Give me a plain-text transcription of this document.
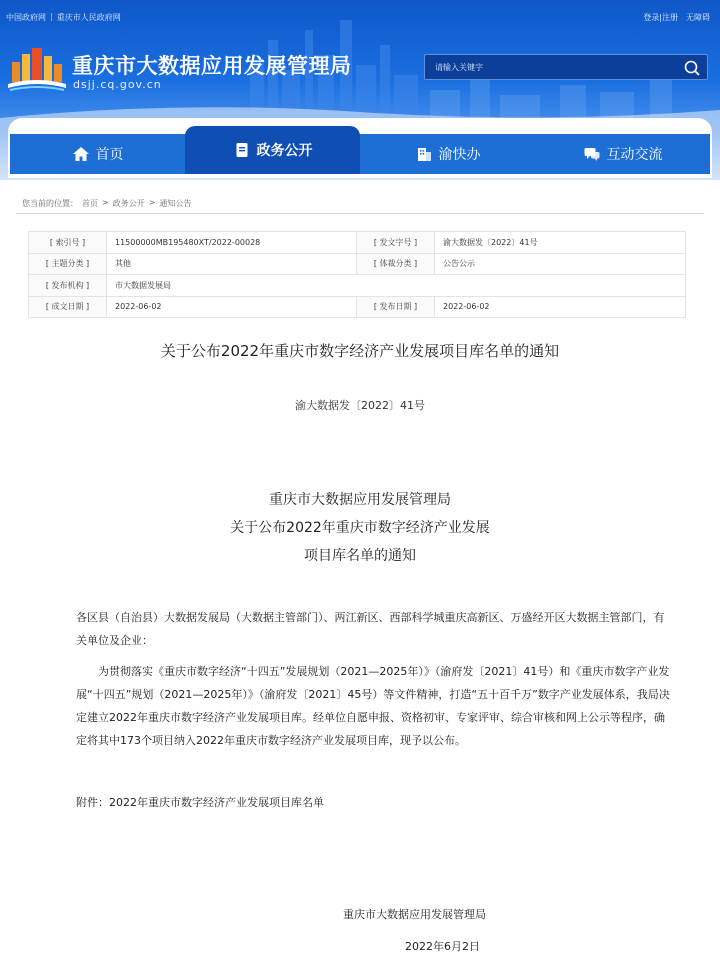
中国政府网 | 重庆市人民政府网	登录|注册 无障碍
重庆市大数据应用发展管理局
dsjj.cq.gov.cn
请输入关键字
首页	政务公开	渝快办	互动交流
您当前的位置： 首页 > 政务公开 > 通知公告
[ 索引号 ]	11500000MB195480XT/2022-00028	[ 发文字号 ]	渝大数据发〔2022〕41号
[ 主题分类 ]	其他	[ 体裁分类 ]	公告公示
[ 发布机构 ]	市大数据发展局		
[ 成文日期 ]	2022-06-02	[ 发布日期 ]	2022-06-02
关于公布2022年重庆市数字经济产业发展项目库名单的通知
渝大数据发〔2022〕41号
重庆市大数据应用发展管理局
关于公布2022年重庆市数字经济产业发展
项目库名单的通知
各区县（自治县）大数据发展局（大数据主管部门）、两江新区、西部科学城重庆高新区、万盛经开区大数据主管部门，有关单位及企业：
为贯彻落实《重庆市数字经济“十四五”发展规划（2021—2025年）》（渝府发〔2021〕41号）和《重庆市数字产业发展“十四五”规划（2021—2025年）》（渝府发〔2021〕45号）等文件精神，打造“五十百千万”数字产业发展体系，我局决定建立2022年重庆市数字经济产业发展项目库。经单位自愿申报、资格初审、专家评审、综合审核和网上公示等程序，确定将其中173个项目纳入2022年重庆市数字经济产业发展项目库，现予以公布。
附件：2022年重庆市数字经济产业发展项目库名单
重庆市大数据应用发展管理局
2022年6月2日
